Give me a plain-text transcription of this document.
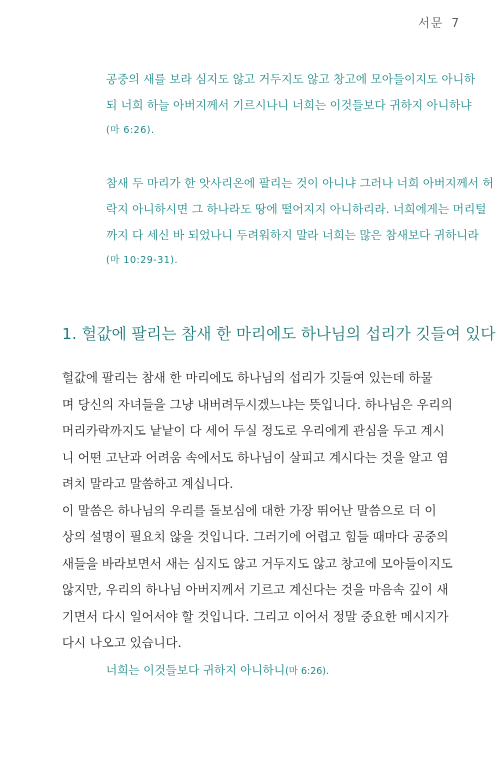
서문 7
공중의 새를 보라 심지도 않고 거두지도 않고 창고에 모아들이지도 아니하
되 너희 하늘 아버지께서 기르시나니 너희는 이것들보다 귀하지 아니하냐
(마 6:26).
참새 두 마리가 한 앗사리온에 팔리는 것이 아니냐 그러나 너희 아버지께서 허
락지 아니하시면 그 하나라도 땅에 떨어지지 아니하리라. 너희에게는 머리털
까지 다 세신 바 되었나니 두려워하지 말라 너희는 많은 참새보다 귀하니라
(마 10:29-31).
1. 헐값에 팔리는 참새 한 마리에도 하나님의 섭리가 깃들여 있다
헐값에 팔리는 참새 한 마리에도 하나님의 섭리가 깃들여 있는데 하물
며 당신의 자녀들을 그냥 내버려두시겠느냐는 뜻입니다. 하나님은 우리의
머리카락까지도 낱낱이 다 세어 두실 정도로 우리에게 관심을 두고 계시
니 어떤 고난과 어려움 속에서도 하나님이 살피고 계시다는 것을 알고 염
려치 말라고 말씀하고 계십니다.
이 말씀은 하나님의 우리를 돌보심에 대한 가장 뛰어난 말씀으로 더 이
상의 설명이 필요치 않을 것입니다. 그러기에 어렵고 힘들 때마다 공중의
새들을 바라보면서 새는 심지도 않고 거두지도 않고 창고에 모아들이지도
않지만, 우리의 하나님 아버지께서 기르고 계신다는 것을 마음속 깊이 새
기면서 다시 일어서야 할 것입니다. 그리고 이어서 정말 중요한 메시지가
다시 나오고 있습니다.
너희는 이것들보다 귀하지 아니하니(마 6:26).
